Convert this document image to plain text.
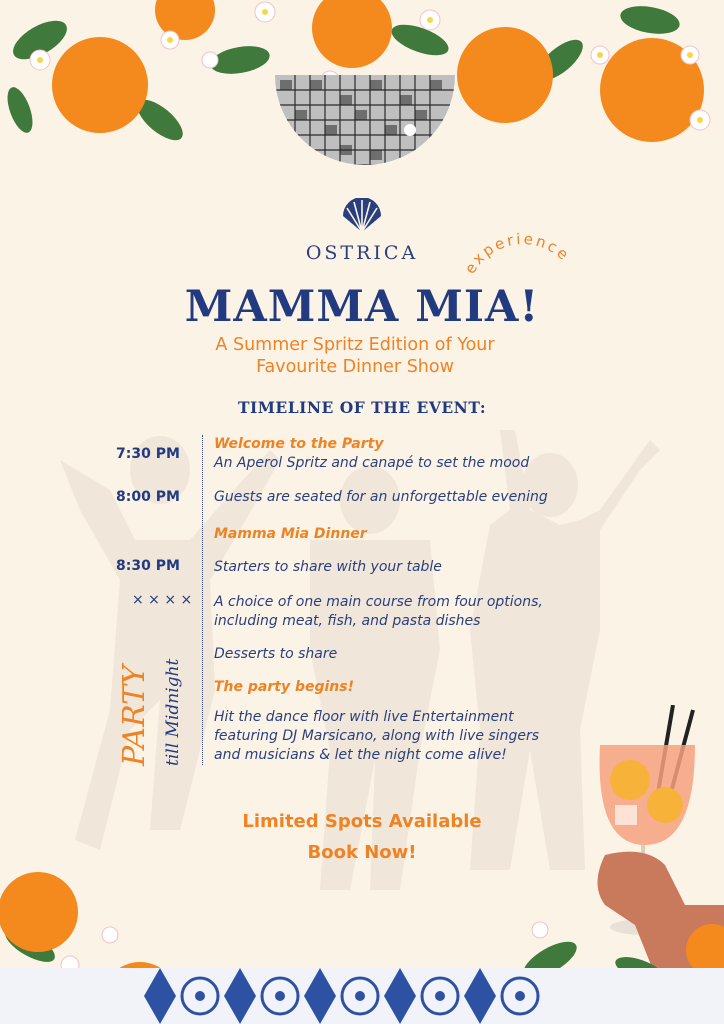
OSTRICA
experience
MAMMA MIA!
A Summer Spritz Edition of Your
Favourite Dinner Show
TIMELINE OF THE EVENT:
7:30 PM
Welcome to the Party
An Aperol Spritz and canapé to set the mood
8:00 PM	Guests are seated for an unforgettable evening
Mamma Mia Dinner
8:30 PM	Starters to share with your table
A choice of one main course from four options,
including meat, fish, and pasta dishes
Desserts to share
The party begins!
Hit the dance floor with live Entertainment
featuring DJ Marsicano, along with live singers
and musicians & let the night come alive!
PARTY till Midnight
× × × ×
Limited Spots Available
Book Now!
